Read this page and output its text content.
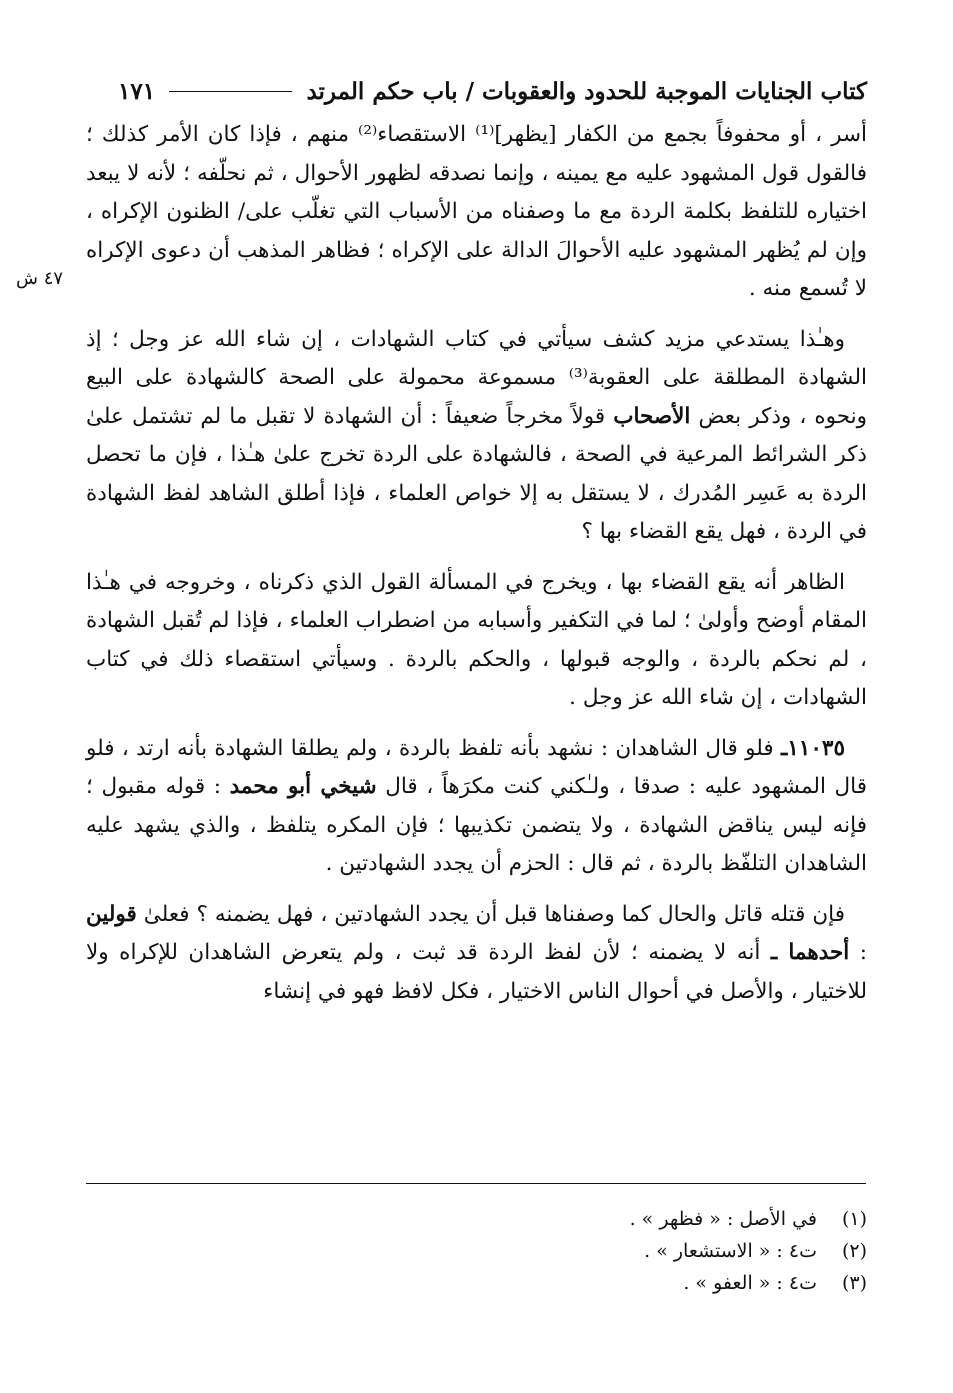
كتاب الجنايات الموجبة للحدود والعقوبات / باب حكم المرتد
١٧١
٤٧ ش

أسر ، أو محفوفاً بجمع من الكفار [يظهر]⁽¹⁾ الاستقصاء⁽²⁾ منهم ، فإذا كان الأمر كذلك ؛ فالقول قول المشهود عليه مع يمينه ، وإنما نصدقه لظهور الأحوال ، ثم نحلّفه ؛ لأنه لا يبعد اختياره للتلفظ بكلمة الردة مع ما وصفناه من الأسباب التي تغلّب على/ الظنون الإكراه ، وإن لم يُظهر المشهود عليه الأحوالَ الدالة على الإكراه ؛ فظاهر المذهب أن دعوى الإكراه لا تُسمع منه .

وهـٰذا يستدعي مزيد كشف سيأتي في كتاب الشهادات ، إن شاء الله عز وجل ؛ إذ الشهادة المطلقة على العقوبة⁽³⁾ مسموعة محمولة على الصحة كالشهادة على البيع ونحوه ، وذكر بعض الأصحاب قولاً مخرجاً ضعيفاً : أن الشهادة لا تقبل ما لم تشتمل علىٰ ذكر الشرائط المرعية في الصحة ، فالشهادة على الردة تخرج علىٰ هـٰذا ، فإن ما تحصل الردة به عَسِر المُدرك ، لا يستقل به إلا خواص العلماء ، فإذا أطلق الشاهد لفظ الشهادة في الردة ، فهل يقع القضاء بها ؟

الظاهر أنه يقع القضاء بها ، ويخرج في المسألة القول الذي ذكرناه ، وخروجه في هـٰذا المقام أوضح وأولىٰ ؛ لما في التكفير وأسبابه من اضطراب العلماء ، فإذا لم تُقبل الشهادة ، لم نحكم بالردة ، والوجه قبولها ، والحكم بالردة . وسيأتي استقصاء ذلك في كتاب الشهادات ، إن شاء الله عز وجل .

١١٠٣٥ـ فلو قال الشاهدان : نشهد بأنه تلفظ بالردة ، ولم يطلقا الشهادة بأنه ارتد ، فلو قال المشهود عليه : صدقا ، ولـٰكني كنت مكرَهاً ، قال شيخي أبو محمد : قوله مقبول ؛ فإنه ليس يناقض الشهادة ، ولا يتضمن تكذيبها ؛ فإن المكره يتلفظ ، والذي يشهد عليه الشاهدان التلفّظ بالردة ، ثم قال : الحزم أن يجدد الشهادتين .

فإن قتله قاتل والحال كما وصفناها قبل أن يجدد الشهادتين ، فهل يضمنه ؟ فعلىٰ قولين : أحدهما ـ أنه لا يضمنه ؛ لأن لفظ الردة قد ثبت ، ولم يتعرض الشاهدان للإكراه ولا للاختيار ، والأصل في أحوال الناس الاختيار ، فكل لافظ فهو في إنشاء

(١)
في الأصل : « فظهر » .
(٢)
ت٤ : « الاستشعار » .
(٣)
ت٤ : « العفو » .
